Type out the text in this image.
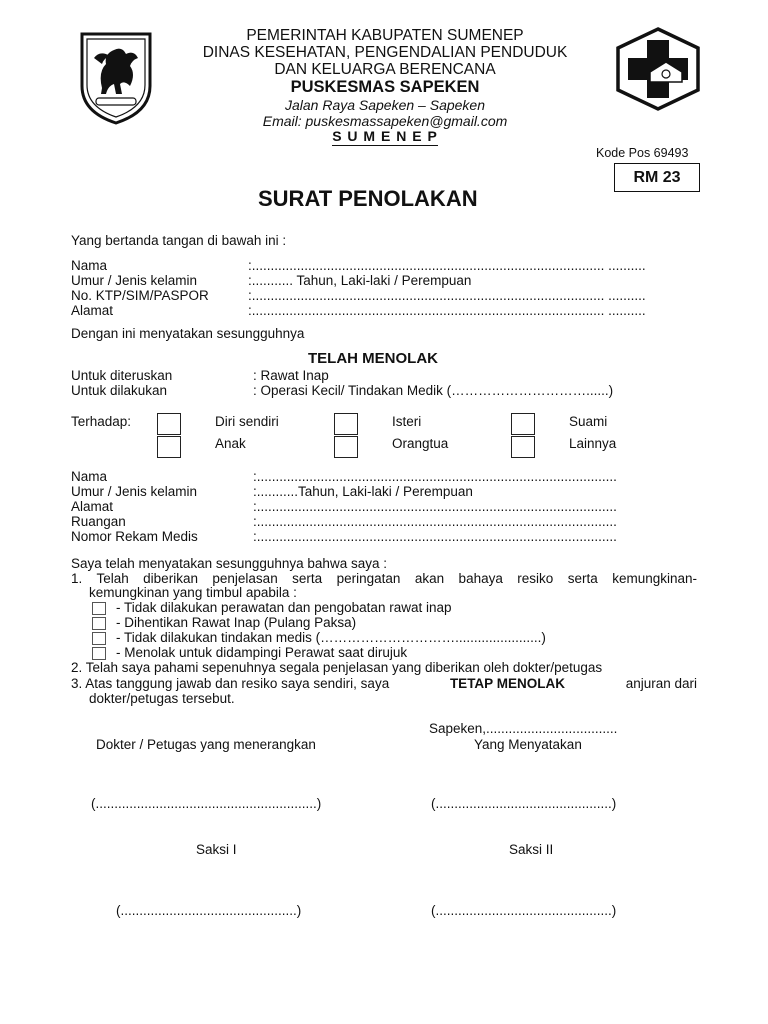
PEMERINTAH KABUPATEN SUMENEP
DINAS KESEHATAN, PENGENDALIAN PENDUDUK
DAN KELUARGA BERENCANA
PUSKESMAS SAPEKEN
Jalan Raya Sapeken – Sapeken
Email: puskesmassapeken@gmail.com
S U M E N E P
Kode Pos 69493
RM 23
SURAT PENOLAKAN
Yang bertanda tangan di bawah ini :
Nama	:.............................................................................................. ..........
Umur / Jenis kelamin	:........... Tahun, Laki-laki / Perempuan
No. KTP/SIM/PASPOR	:.............................................................................................. ..........
Alamat	:.............................................................................................. ..........
Dengan ini menyatakan sesungguhnya
TELAH MENOLAK
Untuk diteruskan	: Rawat Inap
Untuk dilakukan	: Operasi Kecil/ Tindakan Medik (…………………………......)
Terhadap:	Diri sendiri	Isteri	Suami
Anak	Orangtua	Lainnya
Nama	:................................................................................................
Umur / Jenis kelamin	:...........Tahun, Laki-laki / Perempuan
Alamat	:................................................................................................
Ruangan	:................................................................................................
Nomor Rekam Medis	:................................................................................................
Saya telah menyatakan sesungguhnya bahwa saya :
1. Telah diberikan penjelasan serta peringatan akan bahaya resiko serta kemungkinan-
kemungkinan yang timbul apabila :
- Tidak dilakukan perawatan dan pengobatan rawat inap
- Dihentikan Rawat Inap (Pulang Paksa)
- Tidak dilakukan tindakan medis (………………………….......................)
- Menolak untuk didampingi Perawat saat dirujuk
2. Telah saya pahami sepenuhnya segala penjelasan yang diberikan oleh dokter/petugas
3. Atas tanggung jawab dan resiko saya sendiri, saya	TETAP MENOLAK	anjuran dari
dokter/petugas tersebut.
Sapeken,...................................
Dokter / Petugas yang menerangkan	Yang Menyatakan
(...........................................................)	(...............................................)
Saksi I	Saksi II
(...............................................)	(...............................................)
